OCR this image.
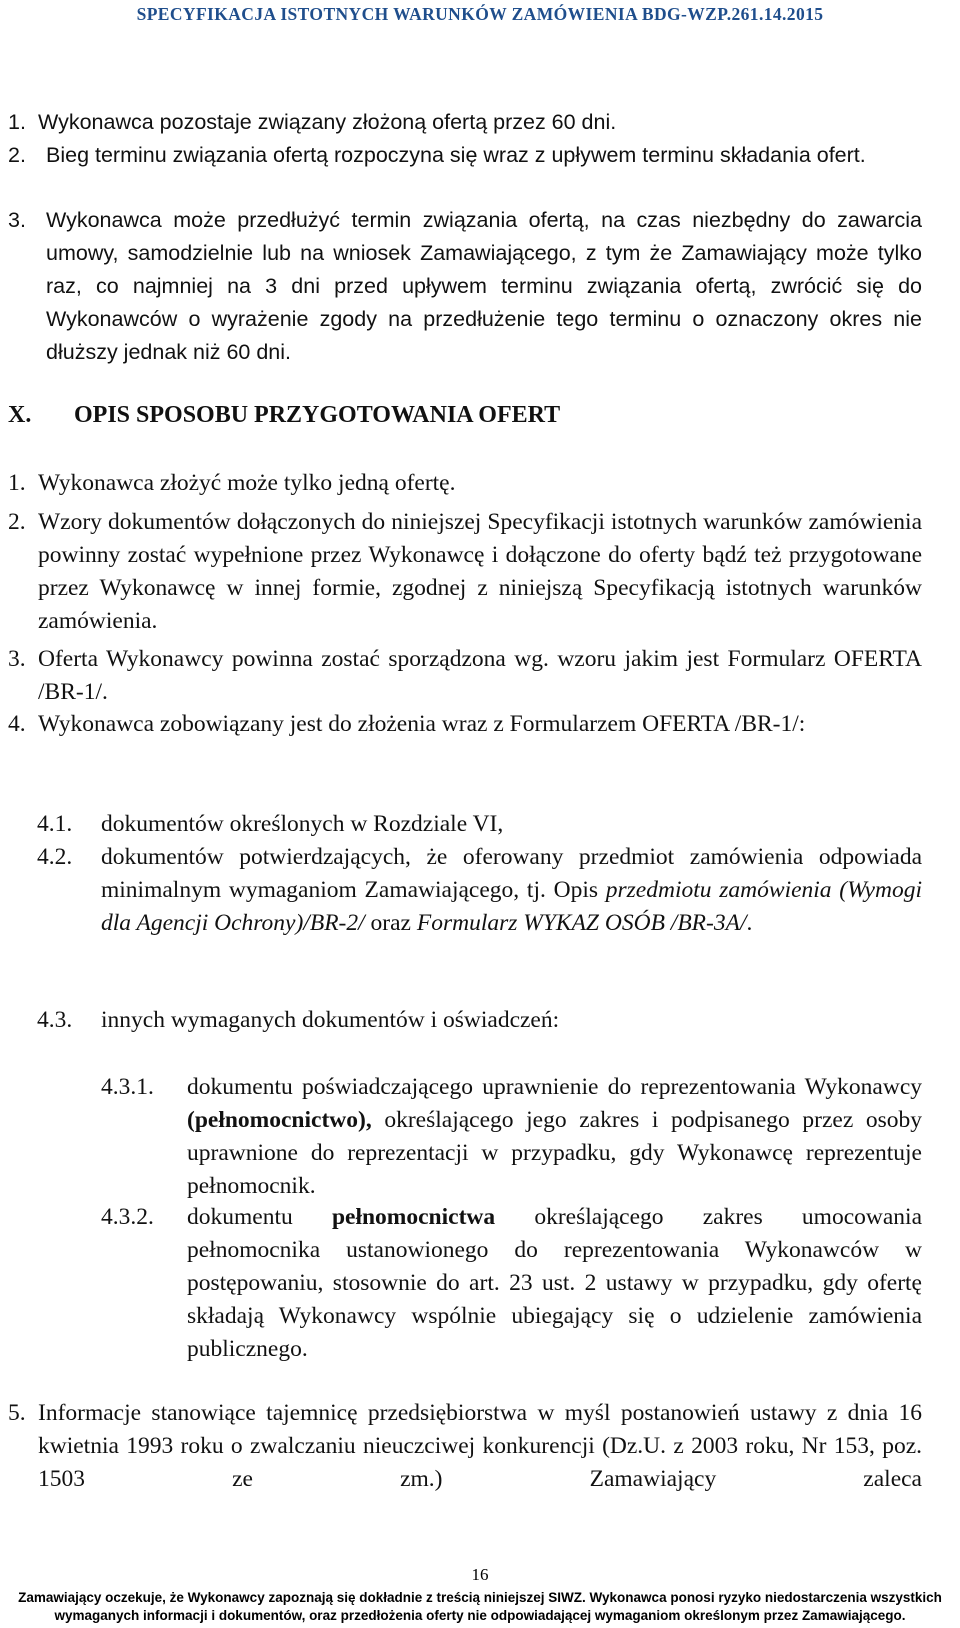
SPECYFIKACJA ISTOTNYCH WARUNKÓW ZAMÓWIENIA BDG-WZP.261.14.2015
1. Wykonawca pozostaje związany złożoną ofertą przez 60 dni.
2. Bieg terminu związania ofertą rozpoczyna się wraz z upływem terminu składania ofert.
3. Wykonawca może przedłużyć termin związania ofertą, na czas niezbędny do zawarcia umowy, samodzielnie lub na wniosek Zamawiającego, z tym że Zamawiający może tylko raz, co najmniej na 3 dni przed upływem terminu związania ofertą, zwrócić się do Wykonawców o wyrażenie zgody na przedłużenie tego terminu o oznaczony okres nie dłuższy jednak niż 60 dni.
X. OPIS SPOSOBU PRZYGOTOWANIA OFERT
1. Wykonawca złożyć może tylko jedną ofertę.
2. Wzory dokumentów dołączonych do niniejszej Specyfikacji istotnych warunków zamówienia powinny zostać wypełnione przez Wykonawcę i dołączone do oferty bądź też przygotowane przez Wykonawcę w innej formie, zgodnej z niniejszą Specyfikacją istotnych warunków zamówienia.
3. Oferta Wykonawcy powinna zostać sporządzona wg. wzoru jakim jest Formularz OFERTA /BR-1/.
4. Wykonawca zobowiązany jest do złożenia wraz z Formularzem OFERTA /BR-1/:
4.1. dokumentów określonych w Rozdziale VI,
4.2. dokumentów potwierdzających, że oferowany przedmiot zamówienia odpowiada minimalnym wymaganiom Zamawiającego, tj. Opis przedmiotu zamówienia (Wymogi dla Agencji Ochrony)/BR-2/ oraz Formularz WYKAZ OSÓB /BR-3A/.
4.3. innych wymaganych dokumentów i oświadczeń:
4.3.1. dokumentu poświadczającego uprawnienie do reprezentowania Wykonawcy (pełnomocnictwo), określającego jego zakres i podpisanego przez osoby uprawnione do reprezentacji w przypadku, gdy Wykonawcę reprezentuje pełnomocnik.
4.3.2. dokumentu pełnomocnictwa określającego zakres umocowania pełnomocnika ustanowionego do reprezentowania Wykonawców w postępowaniu, stosownie do art. 23 ust. 2 ustawy w przypadku, gdy ofertę składają Wykonawcy wspólnie ubiegający się o udzielenie zamówienia publicznego.
5. Informacje stanowiące tajemnicę przedsiębiorstwa w myśl postanowień ustawy z dnia 16 kwietnia 1993 roku o zwalczaniu nieuczciwej konkurencji (Dz.U. z 2003 roku, Nr 153, poz. 1503 ze zm.) Zamawiający zaleca
16
Zamawiający oczekuje, że Wykonawcy zapoznają się dokładnie z treścią niniejszej SIWZ. Wykonawca ponosi ryzyko niedostarczenia wszystkich wymaganych informacji i dokumentów, oraz przedłożenia oferty nie odpowiadającej wymaganiom określonym przez Zamawiającego.
